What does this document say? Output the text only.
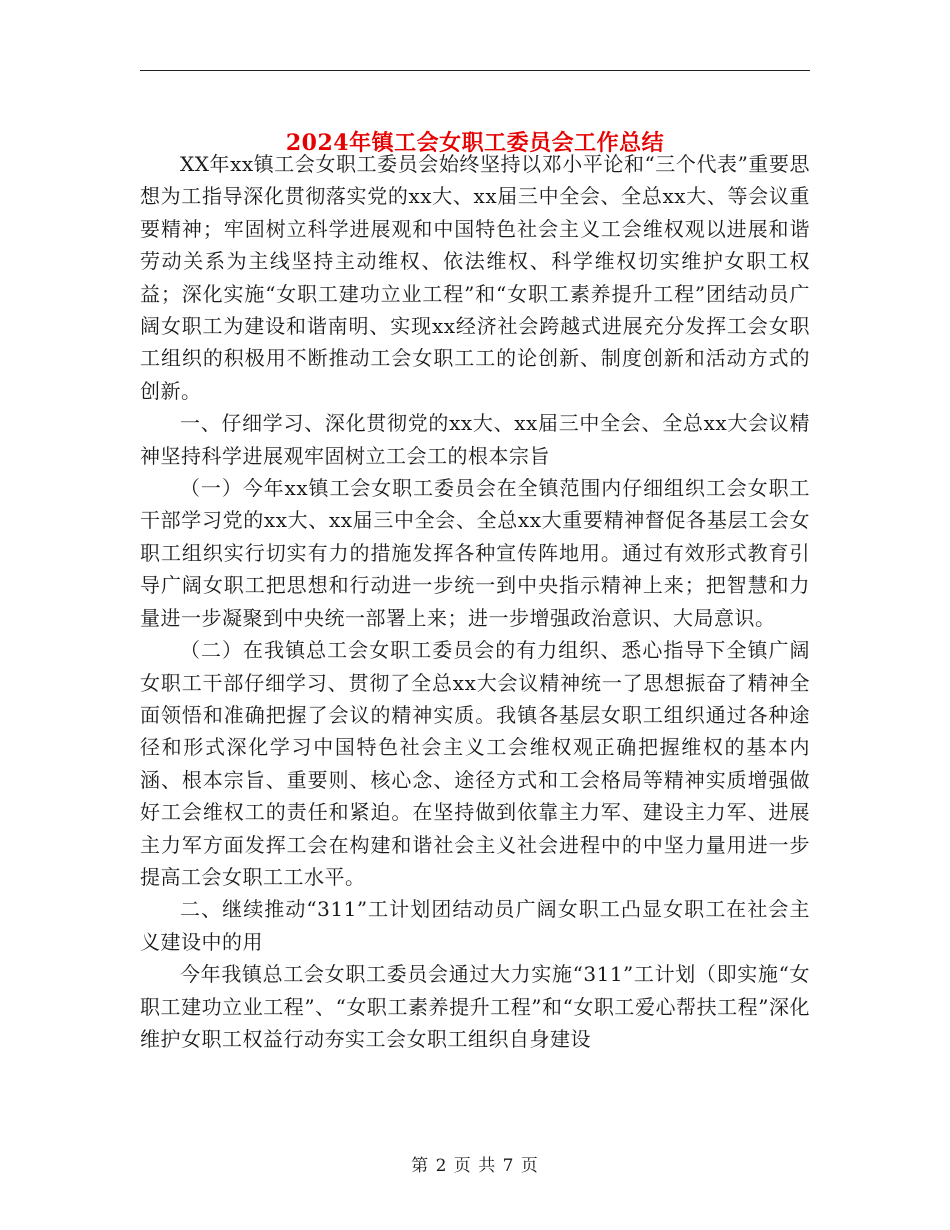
2024年镇工会女职工委员会工作总结

XX年xx镇工会女职工委员会始终坚持以邓小平论和“三个代表”重要思想为工指导深化贯彻落实党的xx大、xx届三中全会、全总xx大、等会议重要精神；牢固树立科学进展观和中国特色社会主义工会维权观以进展和谐劳动关系为主线坚持主动维权、依法维权、科学维权切实维护女职工权益；深化实施“女职工建功立业工程”和“女职工素养提升工程”团结动员广阔女职工为建设和谐南明、实现xx经济社会跨越式进展充分发挥工会女职工组织的积极用不断推动工会女职工工的论创新、制度创新和活动方式的创新。

一、仔细学习、深化贯彻党的xx大、xx届三中全会、全总xx大会议精神坚持科学进展观牢固树立工会工的根本宗旨

（一）今年xx镇工会女职工委员会在全镇范围内仔细组织工会女职工干部学习党的xx大、xx届三中全会、全总xx大重要精神督促各基层工会女职工组织实行切实有力的措施发挥各种宣传阵地用。通过有效形式教育引导广阔女职工把思想和行动进一步统一到中央指示精神上来；把智慧和力量进一步凝聚到中央统一部署上来；进一步增强政治意识、大局意识。

（二）在我镇总工会女职工委员会的有力组织、悉心指导下全镇广阔女职工干部仔细学习、贯彻了全总xx大会议精神统一了思想振奋了精神全面领悟和准确把握了会议的精神实质。我镇各基层女职工组织通过各种途径和形式深化学习中国特色社会主义工会维权观正确把握维权的基本内涵、根本宗旨、重要则、核心念、途径方式和工会格局等精神实质增强做好工会维权工的责任和紧迫。在坚持做到依靠主力军、建设主力军、进展主力军方面发挥工会在构建和谐社会主义社会进程中的中坚力量用进一步提高工会女职工工水平。

二、继续推动“311”工计划团结动员广阔女职工凸显女职工在社会主义建设中的用

今年我镇总工会女职工委员会通过大力实施“311”工计划（即实施“女职工建功立业工程”、“女职工素养提升工程”和“女职工爱心帮扶工程”深化维护女职工权益行动夯实工会女职工组织自身建设

第 2 页 共 7 页
